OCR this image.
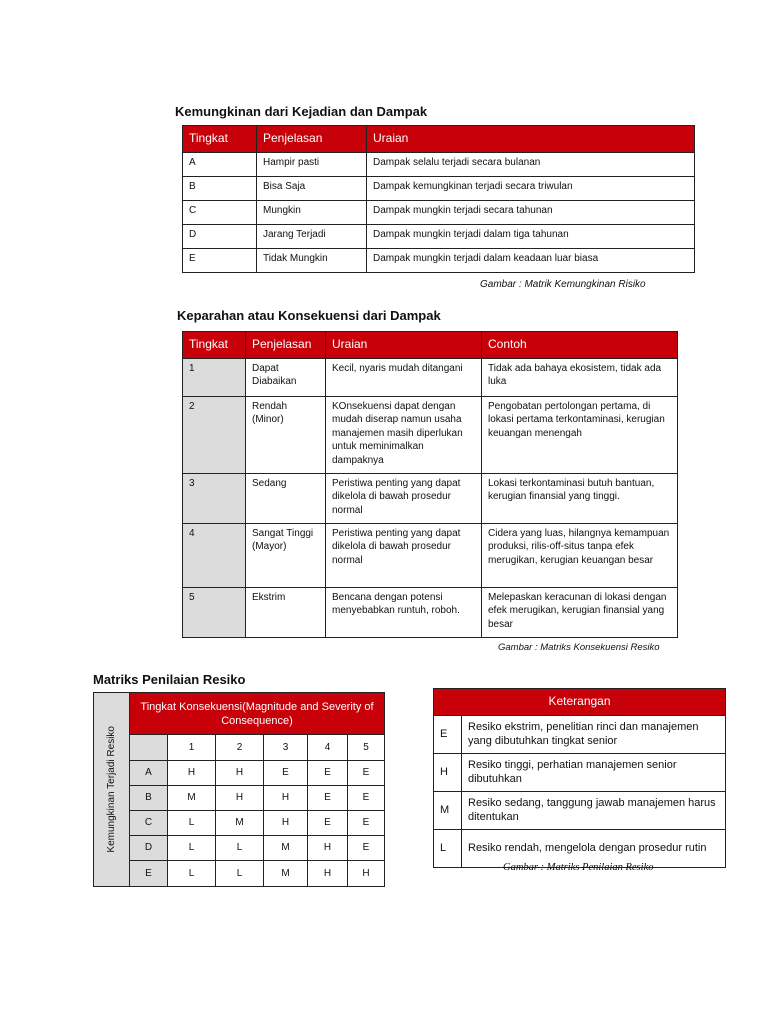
Kemungkinan dari Kejadian dan Dampak
Tingkat	Penjelasan	Uraian
A	Hampir pasti	Dampak selalu terjadi secara bulanan
B	Bisa Saja	Dampak kemungkinan terjadi secara triwulan
C	Mungkin	Dampak mungkin terjadi secara tahunan
D	Jarang Terjadi	Dampak mungkin terjadi dalam tiga tahunan
E	Tidak Mungkin	Dampak mungkin terjadi dalam keadaan luar biasa
Gambar : Matrik Kemungkinan Risiko
Keparahan atau Konsekuensi dari Dampak
Tingkat	Penjelasan	Uraian	Contoh
1	Dapat Diabaikan	Kecil, nyaris mudah ditangani	Tidak ada bahaya ekosistem, tidak ada luka
2	Rendah (Minor)	KOnsekuensi dapat dengan mudah diserap namun usaha manajemen masih diperlukan untuk meminimalkan dampaknya	Pengobatan pertolongan pertama, di lokasi pertama terkontaminasi, kerugian keuangan menengah
3	Sedang	Peristiwa penting yang dapat dikelola di bawah prosedur normal	Lokasi terkontaminasi butuh bantuan, kerugian finansial yang tinggi.
4	Sangat Tinggi (Mayor)	Peristiwa penting yang dapat dikelola di bawah prosedur normal	Cidera yang luas, hilangnya kemampuan produksi, rilis-off-situs tanpa efek merugikan, kerugian keuangan besar
5	Ekstrim	Bencana dengan potensi menyebabkan runtuh, roboh.	Melepaskan keracunan di lokasi dengan efek merugikan, kerugian finansial yang besar
Gambar : Matriks Konsekuensi Resiko
Matriks Penilaian Resiko
Kemungkinan Terjadi Resiko	Tingkat Konsekuensi(Magnitude and Severity of Consequence)					
		1	2	3	4	5
	A	H	H	E	E	E
	B	M	H	H	E	E
	C	L	M	H	E	E
	D	L	L	M	H	E
	E	L	L	M	H	H
Keterangan	
E	Resiko ekstrim, penelitian rinci dan manajemen yang dibutuhkan tingkat senior
H	Resiko tinggi, perhatian manajemen senior dibutuhkan
M	Resiko sedang, tanggung jawab manajemen harus ditentukan
L	Resiko rendah, mengelola dengan prosedur rutin
Gambar : Matriks Penilaian Resiko
